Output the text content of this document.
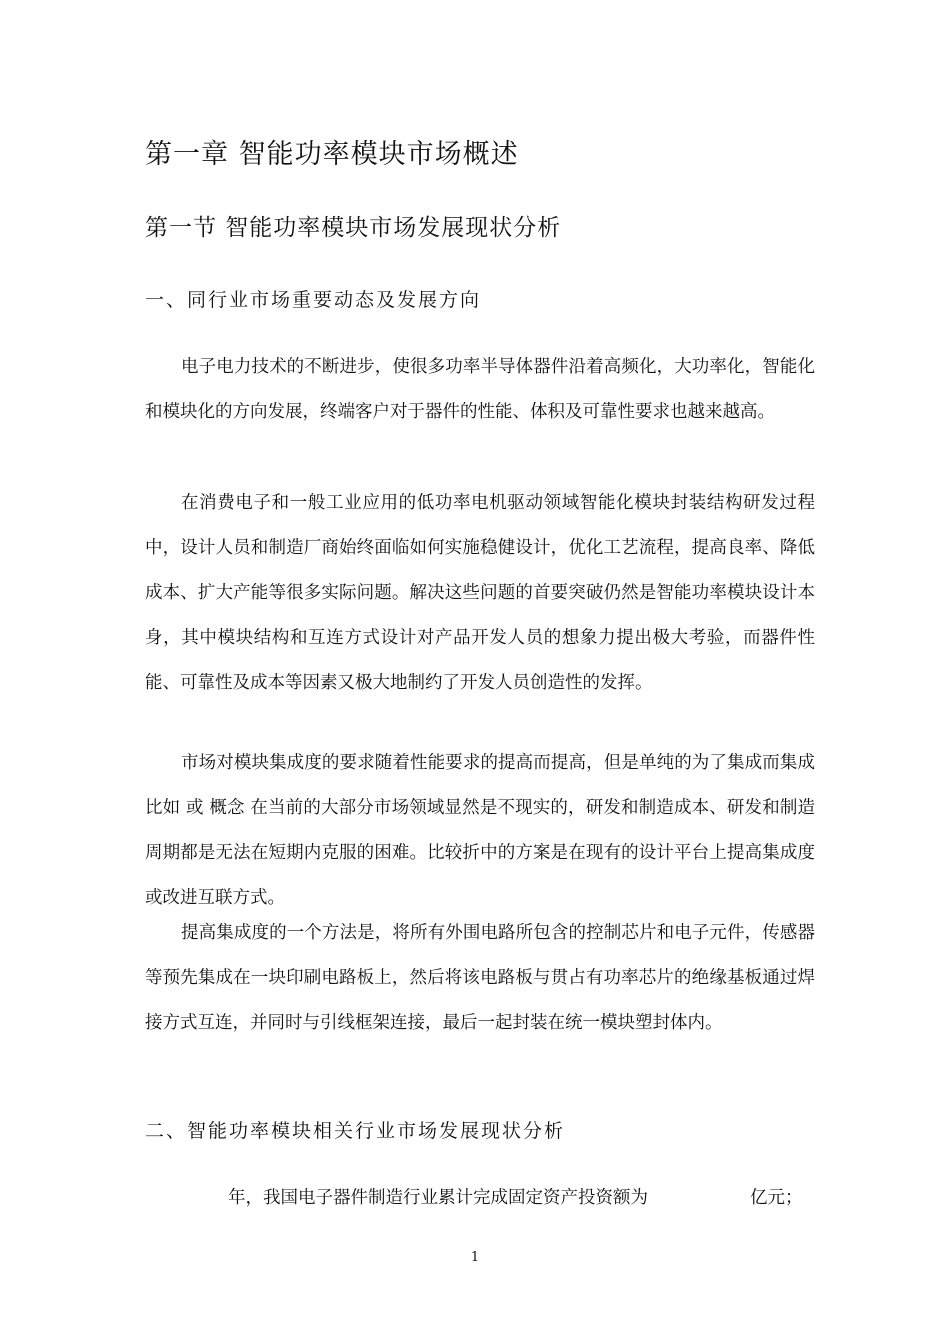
第一章 智能功率模块市场概述
第一节 智能功率模块市场发展现状分析
一、同行业市场重要动态及发展方向

电子电力技术的不断进步，使很多功率半导体器件沿着高频化，大功率化，智能化和模块化的方向发展，终端客户对于器件的性能、体积及可靠性要求也越来越高。

在消费电子和一般工业应用的低功率电机驱动领域智能化模块封装结构研发过程中，设计人员和制造厂商始终面临如何实施稳健设计，优化工艺流程，提高良率、降低成本、扩大产能等很多实际问题。解决这些问题的首要突破仍然是智能功率模块设计本身，其中模块结构和互连方式设计对产品开发人员的想象力提出极大考验，而器件性能、可靠性及成本等因素又极大地制约了开发人员创造性的发挥。

市场对模块集成度的要求随着性能要求的提高而提高，但是单纯的为了集成而集成 比如 或 概念 在当前的大部分市场领域显然是不现实的，研发和制造成本、研发和制造周期都是无法在短期内克服的困难。比较折中的方案是在现有的设计平台上提高集成度或改进互联方式。

提高集成度的一个方法是，将所有外围电路所包含的控制芯片和电子元件，传感器等预先集成在一块印刷电路板上，然后将该电路板与贯占有功率芯片的绝缘基板通过焊接方式互连，并同时与引线框架连接，最后一起封装在统一模块塑封体内。

二、智能功率模块相关行业市场发展现状分析
年，我国电子器件制造行业累计完成固定资产投资额为	亿元；
1
